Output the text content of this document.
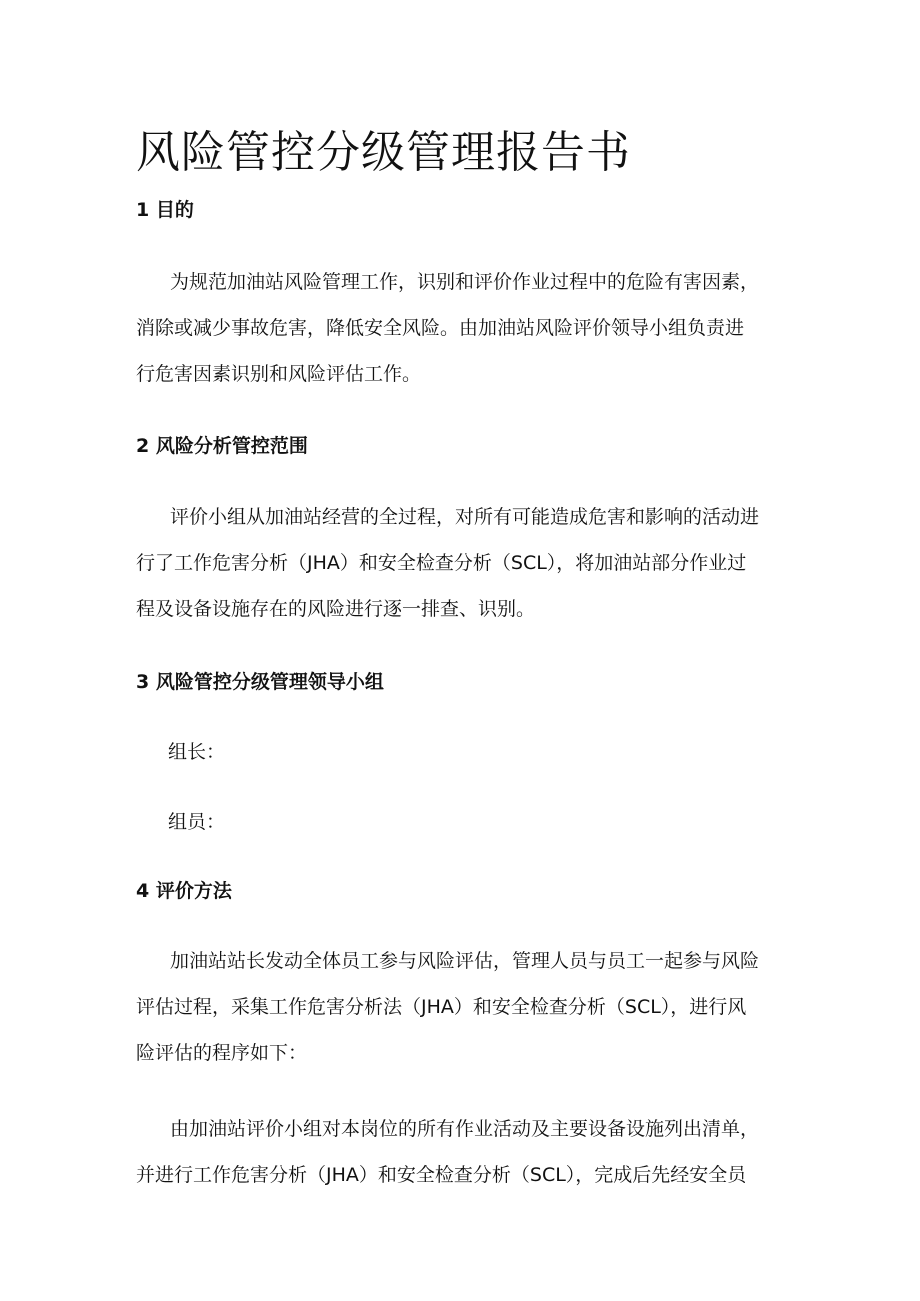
风险管控分级管理报告书
1 目的
为规范加油站风险管理工作，识别和评价作业过程中的危险有害因素，
消除或减少事故危害，降低安全风险。由加油站风险评价领导小组负责进
行危害因素识别和风险评估工作。
2 风险分析管控范围
评价小组从加油站经营的全过程，对所有可能造成危害和影响的活动进
行了工作危害分析（JHA）和安全检查分析（SCL），将加油站部分作业过
程及设备设施存在的风险进行逐一排查、识别。
3 风险管控分级管理领导小组

组长：

组员：

4 评价方法
加油站站长发动全体员工参与风险评估，管理人员与员工一起参与风险
评估过程，采集工作危害分析法（JHA）和安全检查分析（SCL），进行风
险评估的程序如下：
由加油站评价小组对本岗位的所有作业活动及主要设备设施列出清单，
并进行工作危害分析（JHA）和安全检查分析（SCL），完成后先经安全员
